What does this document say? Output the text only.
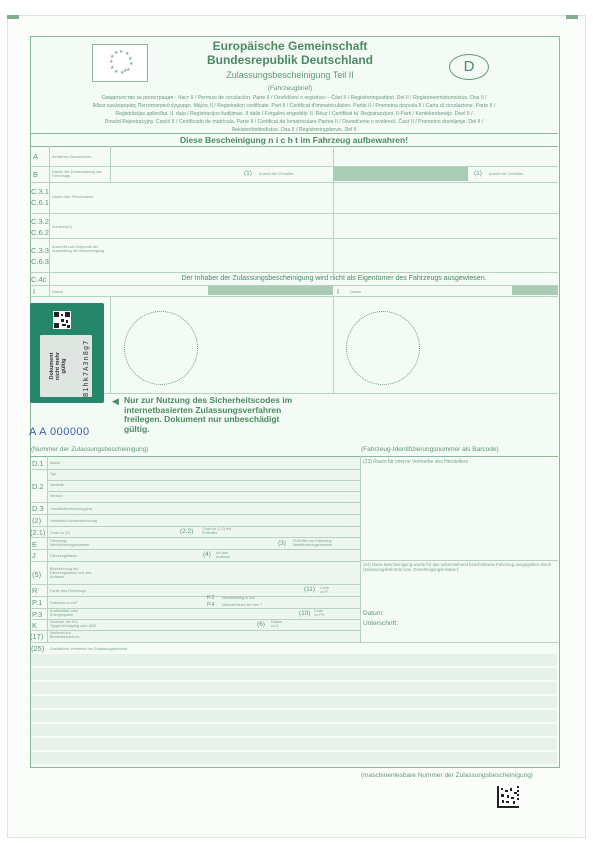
★ ★
★
★
★
★
★
★
★
★
★
★
Europäische Gemeinschaft
Bundesrepublik Deutschland
Zulassungsbescheinigung Teil II
(Fahrzeugbrief)
D
Свидетелство за регистрация - Част II / Permiso de circulación. Parte II / Osvědčení o registraci – Část II / Registreringsattest. Del II / Registreerimistunnistus. Osa II /
Άδεια κυκλοφορίας Πιστοποιητικό έγγραφο. Μέρος II / Registration certificate. Part II / Certificat d'immatriculation. Partie II / Prometna dozvola II / Carta di circolazione. Parte II /
Reģistrācijas apliecība. II. daļa / Registracijos liudijimas. II dalis / Forgalmi engedély. II. Rész / Certifikat ta' Reġistrazzjoni. II-Parti / Kentekenbewijs. Deel II /
Dowód Rejestracyjny. Część II / Certificado de matrícula. Parte II / Certificat de înmatriculare Partea II / Osvedčenie o evidencii. Časť II / Prometno dovoljenje. Del II /
Rekisteröintitodistus. Osa II / Registreringsbevis. Del II
Diese Bescheinigung n i c h t im Fahrzeug aufbewahren!
A	Amtliches Kennzeichen
B	Datum der Erstzulassung des Fahrzeugs	(1) Anzahl der Vorhalter	(1) Anzahl der Vorhalter
C.3.1
C.6.1
Name oder Firmenname
C.3.2
C.6.2
Vorname(n)
C.3.3
C.6.3
Anschrift zum Zeitpunkt der Ausstellung der Bescheinigung
C.4c	Der Inhaber der Zulassungsbescheinigung wird nicht als Eigentümer des Fahrzeugs ausgewiesen.
I	Datum	I	Datum
Dokument nicht mehr gültig B1hk7A3n8g7
◀ Nur zur Nutzung des Sicherheitscodes im internetbasierten Zulassungsverfahren freilegen. Dokument nur unbeschädigt gültig.
A A 000000
(Nummer der Zulassungsbescheinigung)	(Fahrzeug-Identifizierungsnummer als Barcode)
D.1 Marke
D.2
Typ
Variante
Version
D.3 Handelsbezeichnung(en)
(2) Hersteller-Kurzbezeichnung
(2.1) Code zu (2)	(2.2) Code zu (2.2) mit Prüfziffer
E	Fahrzeug-Identifizierungsnummer	(3) Prüfziffer zur Fahrzeug-Identifizierungsnummer
J	Fahrzeugklasse	(4) Art des Aufbaus
(5)
Bezeichnung der Fahrzeugklasse und des Aufbaus
R	Farbe des Fahrzeugs	(11) Code zu R
P.1 Hubraum in cm³
P.2 Nennleistung in kW
P.4 Nenndrehzahl bei min⁻¹
P.3 Kraftstoffart oder Energiequelle	(10) Code zu P.3
K	Nummer der EG-Typgenehmigung oder ABE	(6) Datum zu K
(17) Merkmal zur Betriebserlaubnis
(23) Raum für interne Vermerke des Herstellers
(24) Diese Bescheinigung wurde für das nebenstehend beschriebene Fahrzeug ausgegeben durch (Zulassungsbehörde bzw. Genehmigungsinhaber):
Datum:
Unterschrift:
(25) Zusätzliche Vermerke der Zulassungsbehörde
(maschinenlesbare Nummer der Zulassungsbescheinigung)
